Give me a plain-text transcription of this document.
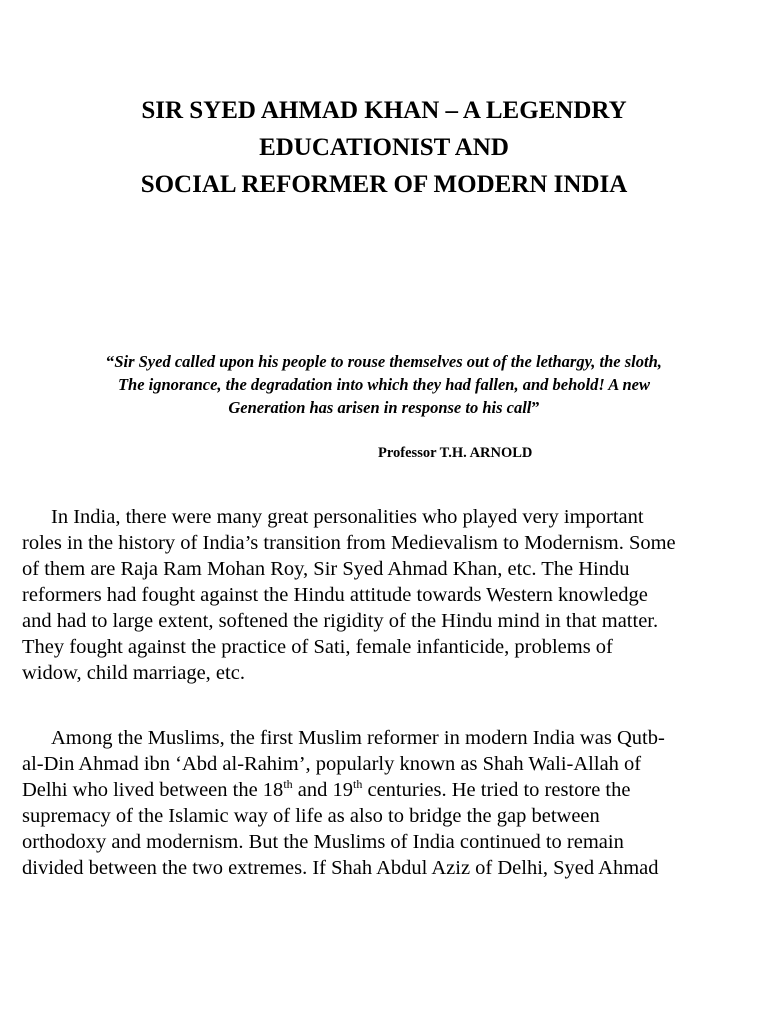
SIR SYED AHMAD KHAN – A LEGENDRY
EDUCATIONIST AND
SOCIAL REFORMER OF MODERN INDIA
“Sir Syed called upon his people to rouse themselves out of the lethargy, the sloth,
The ignorance, the degradation into which they had fallen, and behold! A new
Generation has arisen in response to his call”
Professor T.H. ARNOLD
In India, there were many great personalities who played very important
roles in the history of India’s transition from Medievalism to Modernism. Some
of them are Raja Ram Mohan Roy, Sir Syed Ahmad Khan, etc. The Hindu
reformers had fought against the Hindu attitude towards Western knowledge
and had to large extent, softened the rigidity of the Hindu mind in that matter.
They fought against the practice of Sati, female infanticide, problems of
widow, child marriage, etc.
Among the Muslims, the first Muslim reformer in modern India was Qutb-
al-Din Ahmad ibn ‘Abd al-Rahim’, popularly known as Shah Wali-Allah of
Delhi who lived between the 18th and 19th centuries. He tried to restore the
supremacy of the Islamic way of life as also to bridge the gap between
orthodoxy and modernism. But the Muslims of India continued to remain
divided between the two extremes. If Shah Abdul Aziz of Delhi, Syed Ahmad
